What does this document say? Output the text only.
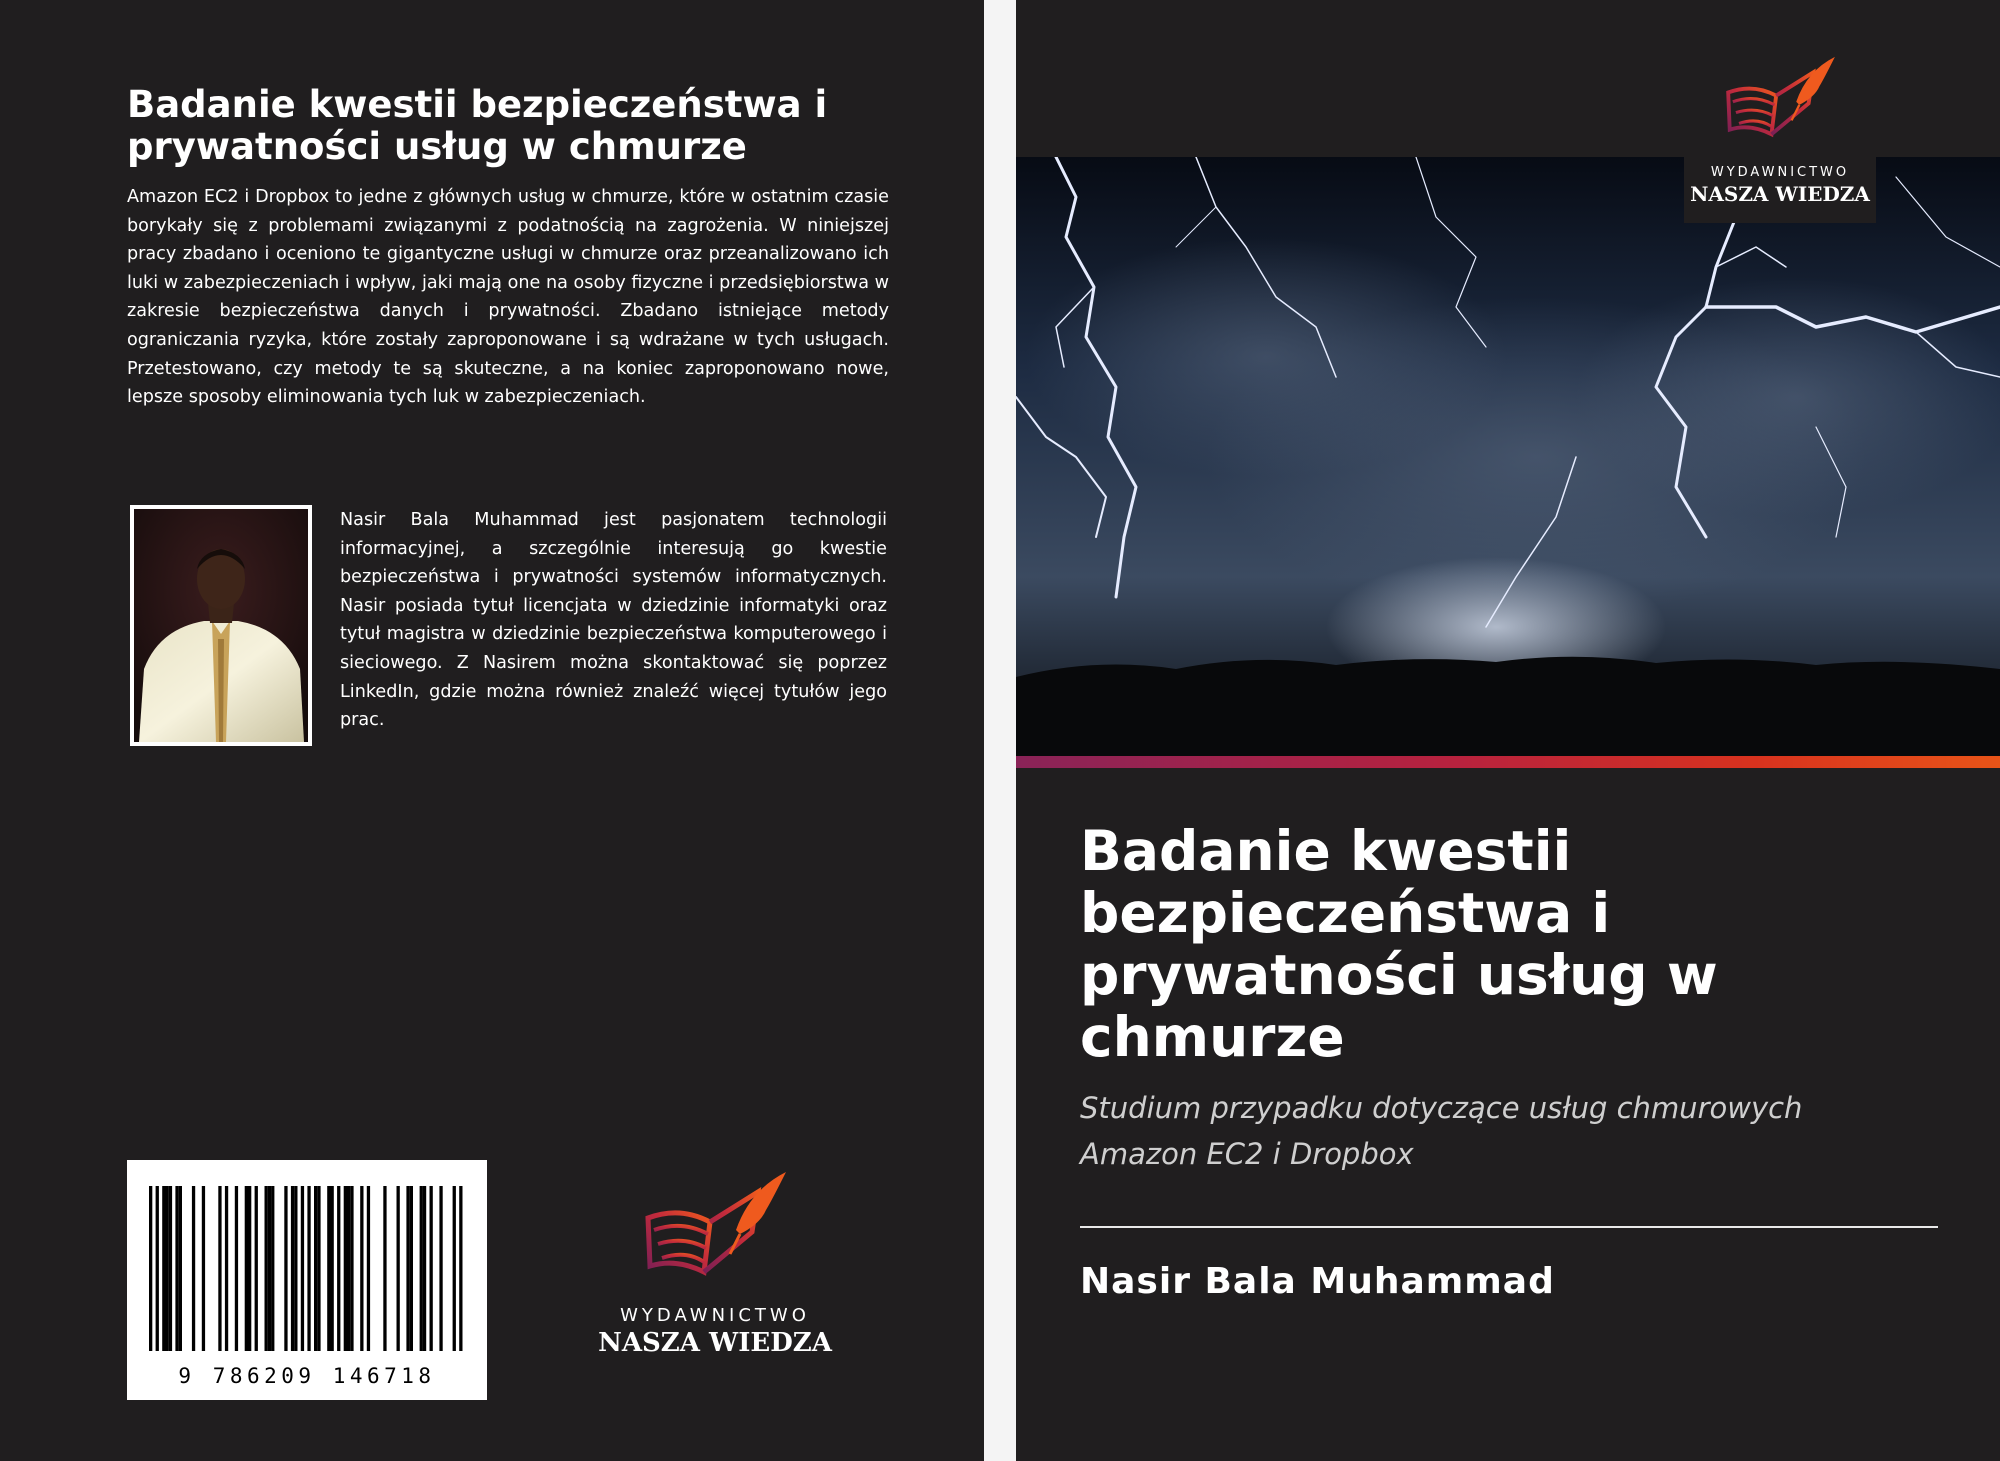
Badanie kwestii bezpieczeństwa i prywatności usług w chmurze

Amazon EC2 i Dropbox to jedne z głównych usług w chmurze, które w ostatnim czasie borykały się z problemami związanymi z podatnością na zagrożenia. W niniejszej pracy zbadano i oceniono te gigantyczne usługi w chmurze oraz przeanalizowano ich luki w zabezpieczeniach i wpływ, jaki mają one na osoby fizyczne i przedsiębiorstwa w zakresie bezpieczeństwa danych i prywatności. Zbadano istniejące metody ograniczania ryzyka, które zostały zaproponowane i są wdrażane w tych usługach. Przetestowano, czy metody te są skuteczne, a na koniec zaproponowano nowe, lepsze sposoby eliminowania tych luk w zabezpieczeniach.

Nasir Bala Muhammad jest pasjonatem technologii informacyjnej, a szczególnie interesują go kwestie bezpieczeństwa i prywatności systemów informatycznych. Nasir posiada tytuł licencjata w dziedzinie informatyki oraz tytuł magistra w dziedzinie bezpieczeństwa komputerowego i sieciowego. Z Nasirem można skontaktować się poprzez LinkedIn, gdzie można również znaleźć więcej tytułów jego prac.

9 786209 146718
WYDAWNICTWO
NASZA WIEDZA
WYDAWNICTWO
NASZA WIEDZA
Badanie kwestii bezpieczeństwa i prywatności usług w chmurze
Studium przypadku dotyczące usług chmurowych Amazon EC2 i Dropbox

Nasir Bala Muhammad
